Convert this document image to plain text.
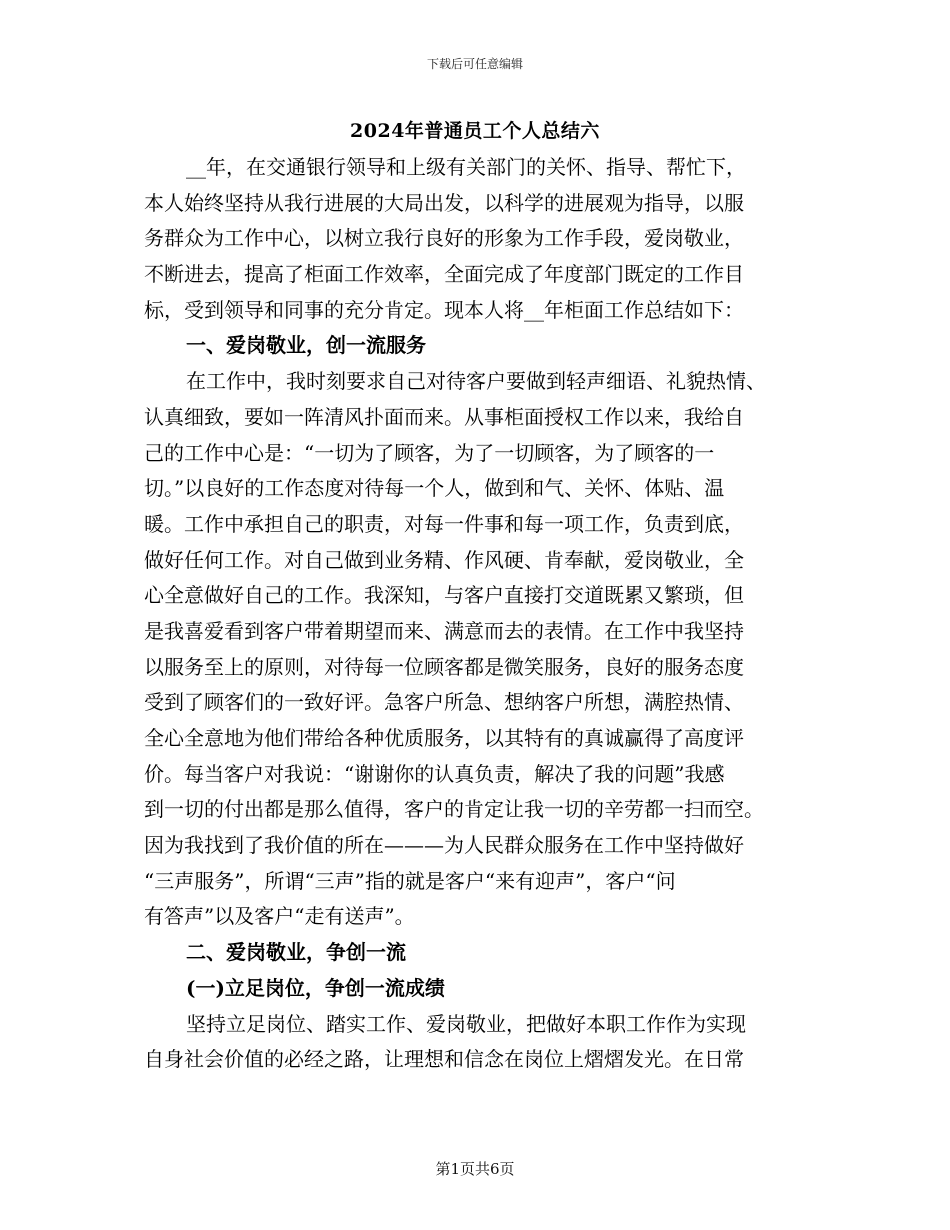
下载后可任意编辑
2024年普通员工个人总结六
__年，在交通银行领导和上级有关部门的关怀、指导、帮忙下，
本人始终坚持从我行进展的大局出发，以科学的进展观为指导，以服
务群众为工作中心，以树立我行良好的形象为工作手段，爱岗敬业，
不断进去，提高了柜面工作效率，全面完成了年度部门既定的工作目
标，受到领导和同事的充分肯定。现本人将__年柜面工作总结如下：
一、爱岗敬业，创一流服务
在工作中，我时刻要求自己对待客户要做到轻声细语、礼貌热情、
认真细致，要如一阵清风扑面而来。从事柜面授权工作以来，我给自
己的工作中心是：“一切为了顾客，为了一切顾客，为了顾客的一
切。”以良好的工作态度对待每一个人，做到和气、关怀、体贴、温
暖。工作中承担自己的职责，对每一件事和每一项工作，负责到底，
做好任何工作。对自己做到业务精、作风硬、肯奉献，爱岗敬业，全
心全意做好自己的工作。我深知，与客户直接打交道既累又繁琐，但
是我喜爱看到客户带着期望而来、满意而去的表情。在工作中我坚持
以服务至上的原则，对待每一位顾客都是微笑服务，良好的服务态度
受到了顾客们的一致好评。急客户所急、想纳客户所想，满腔热情、
全心全意地为他们带给各种优质服务，以其特有的真诚赢得了高度评
价。每当客户对我说：“谢谢你的认真负责，解决了我的问题”我感
到一切的付出都是那么值得，客户的肯定让我一切的辛劳都一扫而空。
因为我找到了我价值的所在———为人民群众服务在工作中坚持做好
“三声服务”，所谓“三声”指的就是客户“来有迎声”，客户“问
有答声”以及客户“走有送声”。
二、爱岗敬业，争创一流
(一)立足岗位，争创一流成绩
坚持立足岗位、踏实工作、爱岗敬业，把做好本职工作作为实现
自身社会价值的必经之路，让理想和信念在岗位上熠熠发光。在日常
第1页共6页
